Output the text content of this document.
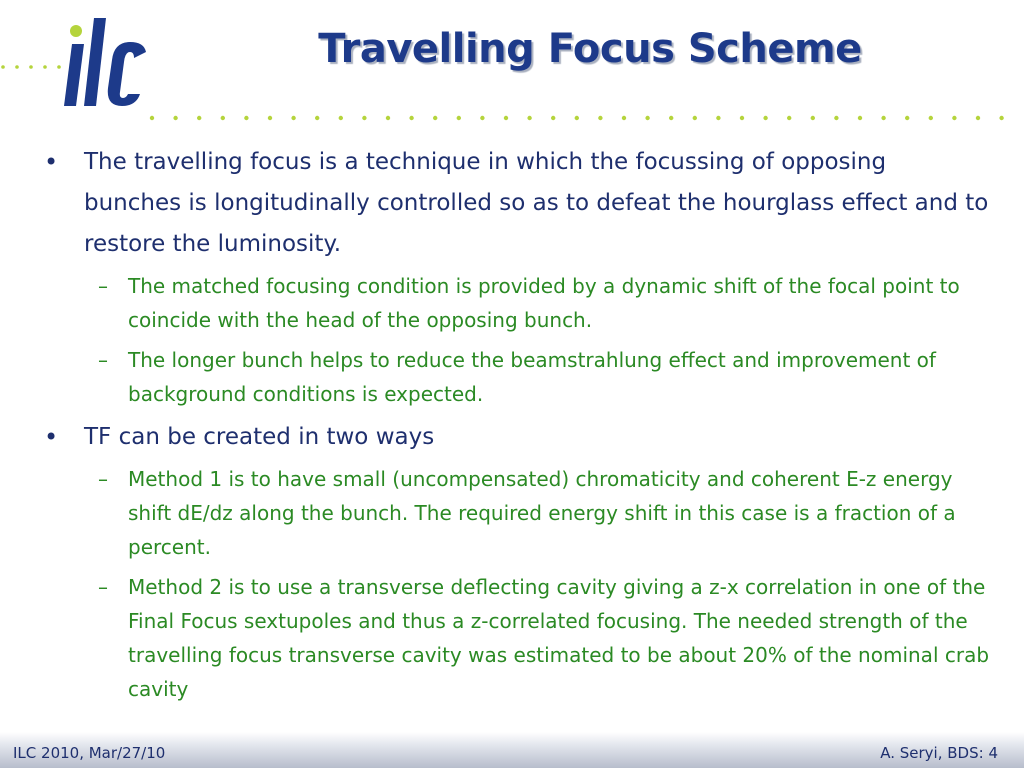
Travelling Focus Scheme
• The travelling focus is a technique in which the focussing of opposing bunches is longitudinally controlled so as to defeat the hourglass effect and to restore the luminosity.
– The matched focusing condition is provided by a dynamic shift of the focal point to coincide with the head of the opposing bunch.
– The longer bunch helps to reduce the beamstrahlung effect and improvement of background conditions is expected.
• TF can be created in two ways
– Method 1 is to have small (uncompensated) chromaticity and coherent E-z energy shift dE/dz along the bunch. The required energy shift in this case is a fraction of a percent.
– Method 2 is to use a transverse deflecting cavity giving a z-x correlation in one of the Final Focus sextupoles and thus a z-correlated focusing. The needed strength of the travelling focus transverse cavity was estimated to be about 20% of the nominal crab cavity
ILC 2010, Mar/27/10	A. Seryi, BDS: 4
